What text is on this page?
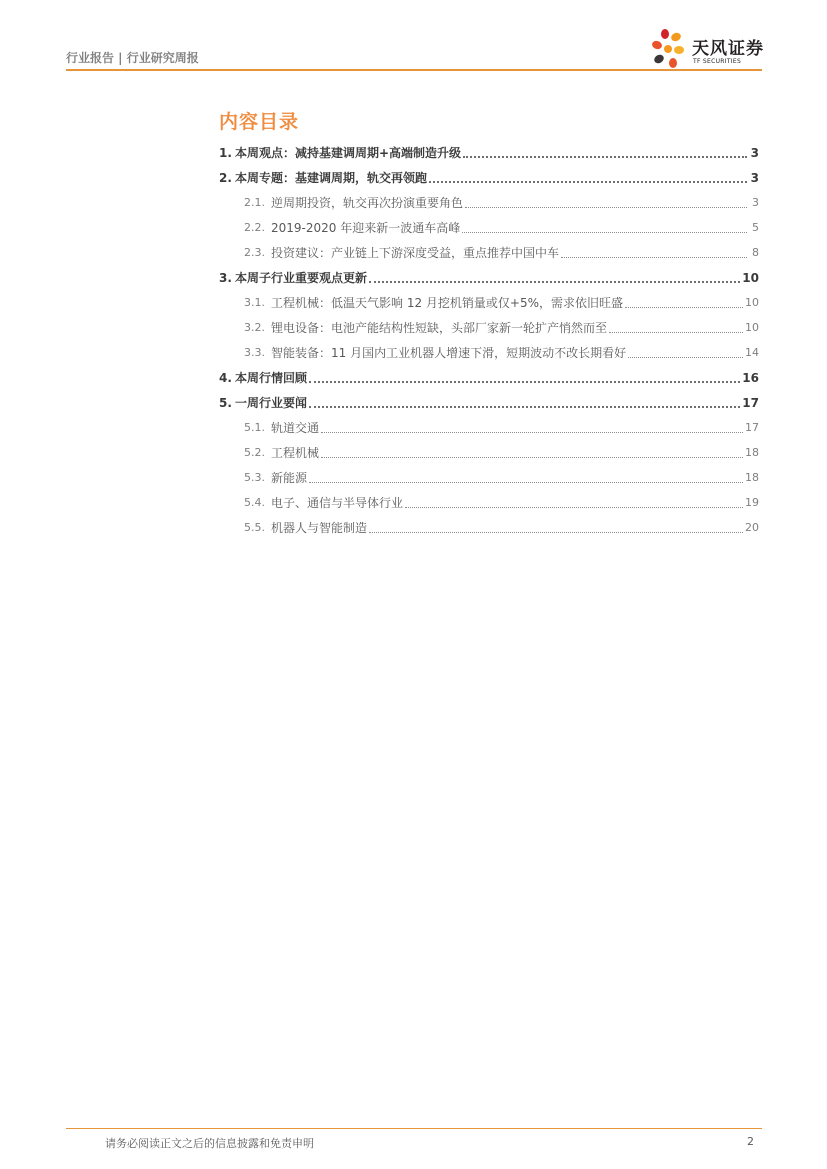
行业报告 | 行业研究周报	天风证券
TF SECURITIES
内容目录
1. 本周观点：减持基建调周期+高端制造升级	3
2. 本周专题：基建调周期，轨交再领跑	3
2.1. 逆周期投资，轨交再次扮演重要角色	3
2.2. 2019-2020 年迎来新一波通车高峰	5
2.3. 投资建议：产业链上下游深度受益，重点推荐中国中车	8
3. 本周子行业重要观点更新	10
3.1. 工程机械：低温天气影响 12 月挖机销量或仅+5%，需求依旧旺盛	10
3.2. 锂电设备：电池产能结构性短缺，头部厂家新一轮扩产悄然而至	10
3.3. 智能装备：11 月国内工业机器人增速下滑，短期波动不改长期看好	14
4. 本周行情回顾	16
5. 一周行业要闻	17
5.1. 轨道交通	17
5.2. 工程机械	18
5.3. 新能源	18
5.4. 电子、通信与半导体行业	19
5.5. 机器人与智能制造	20
请务必阅读正文之后的信息披露和免责申明	2
